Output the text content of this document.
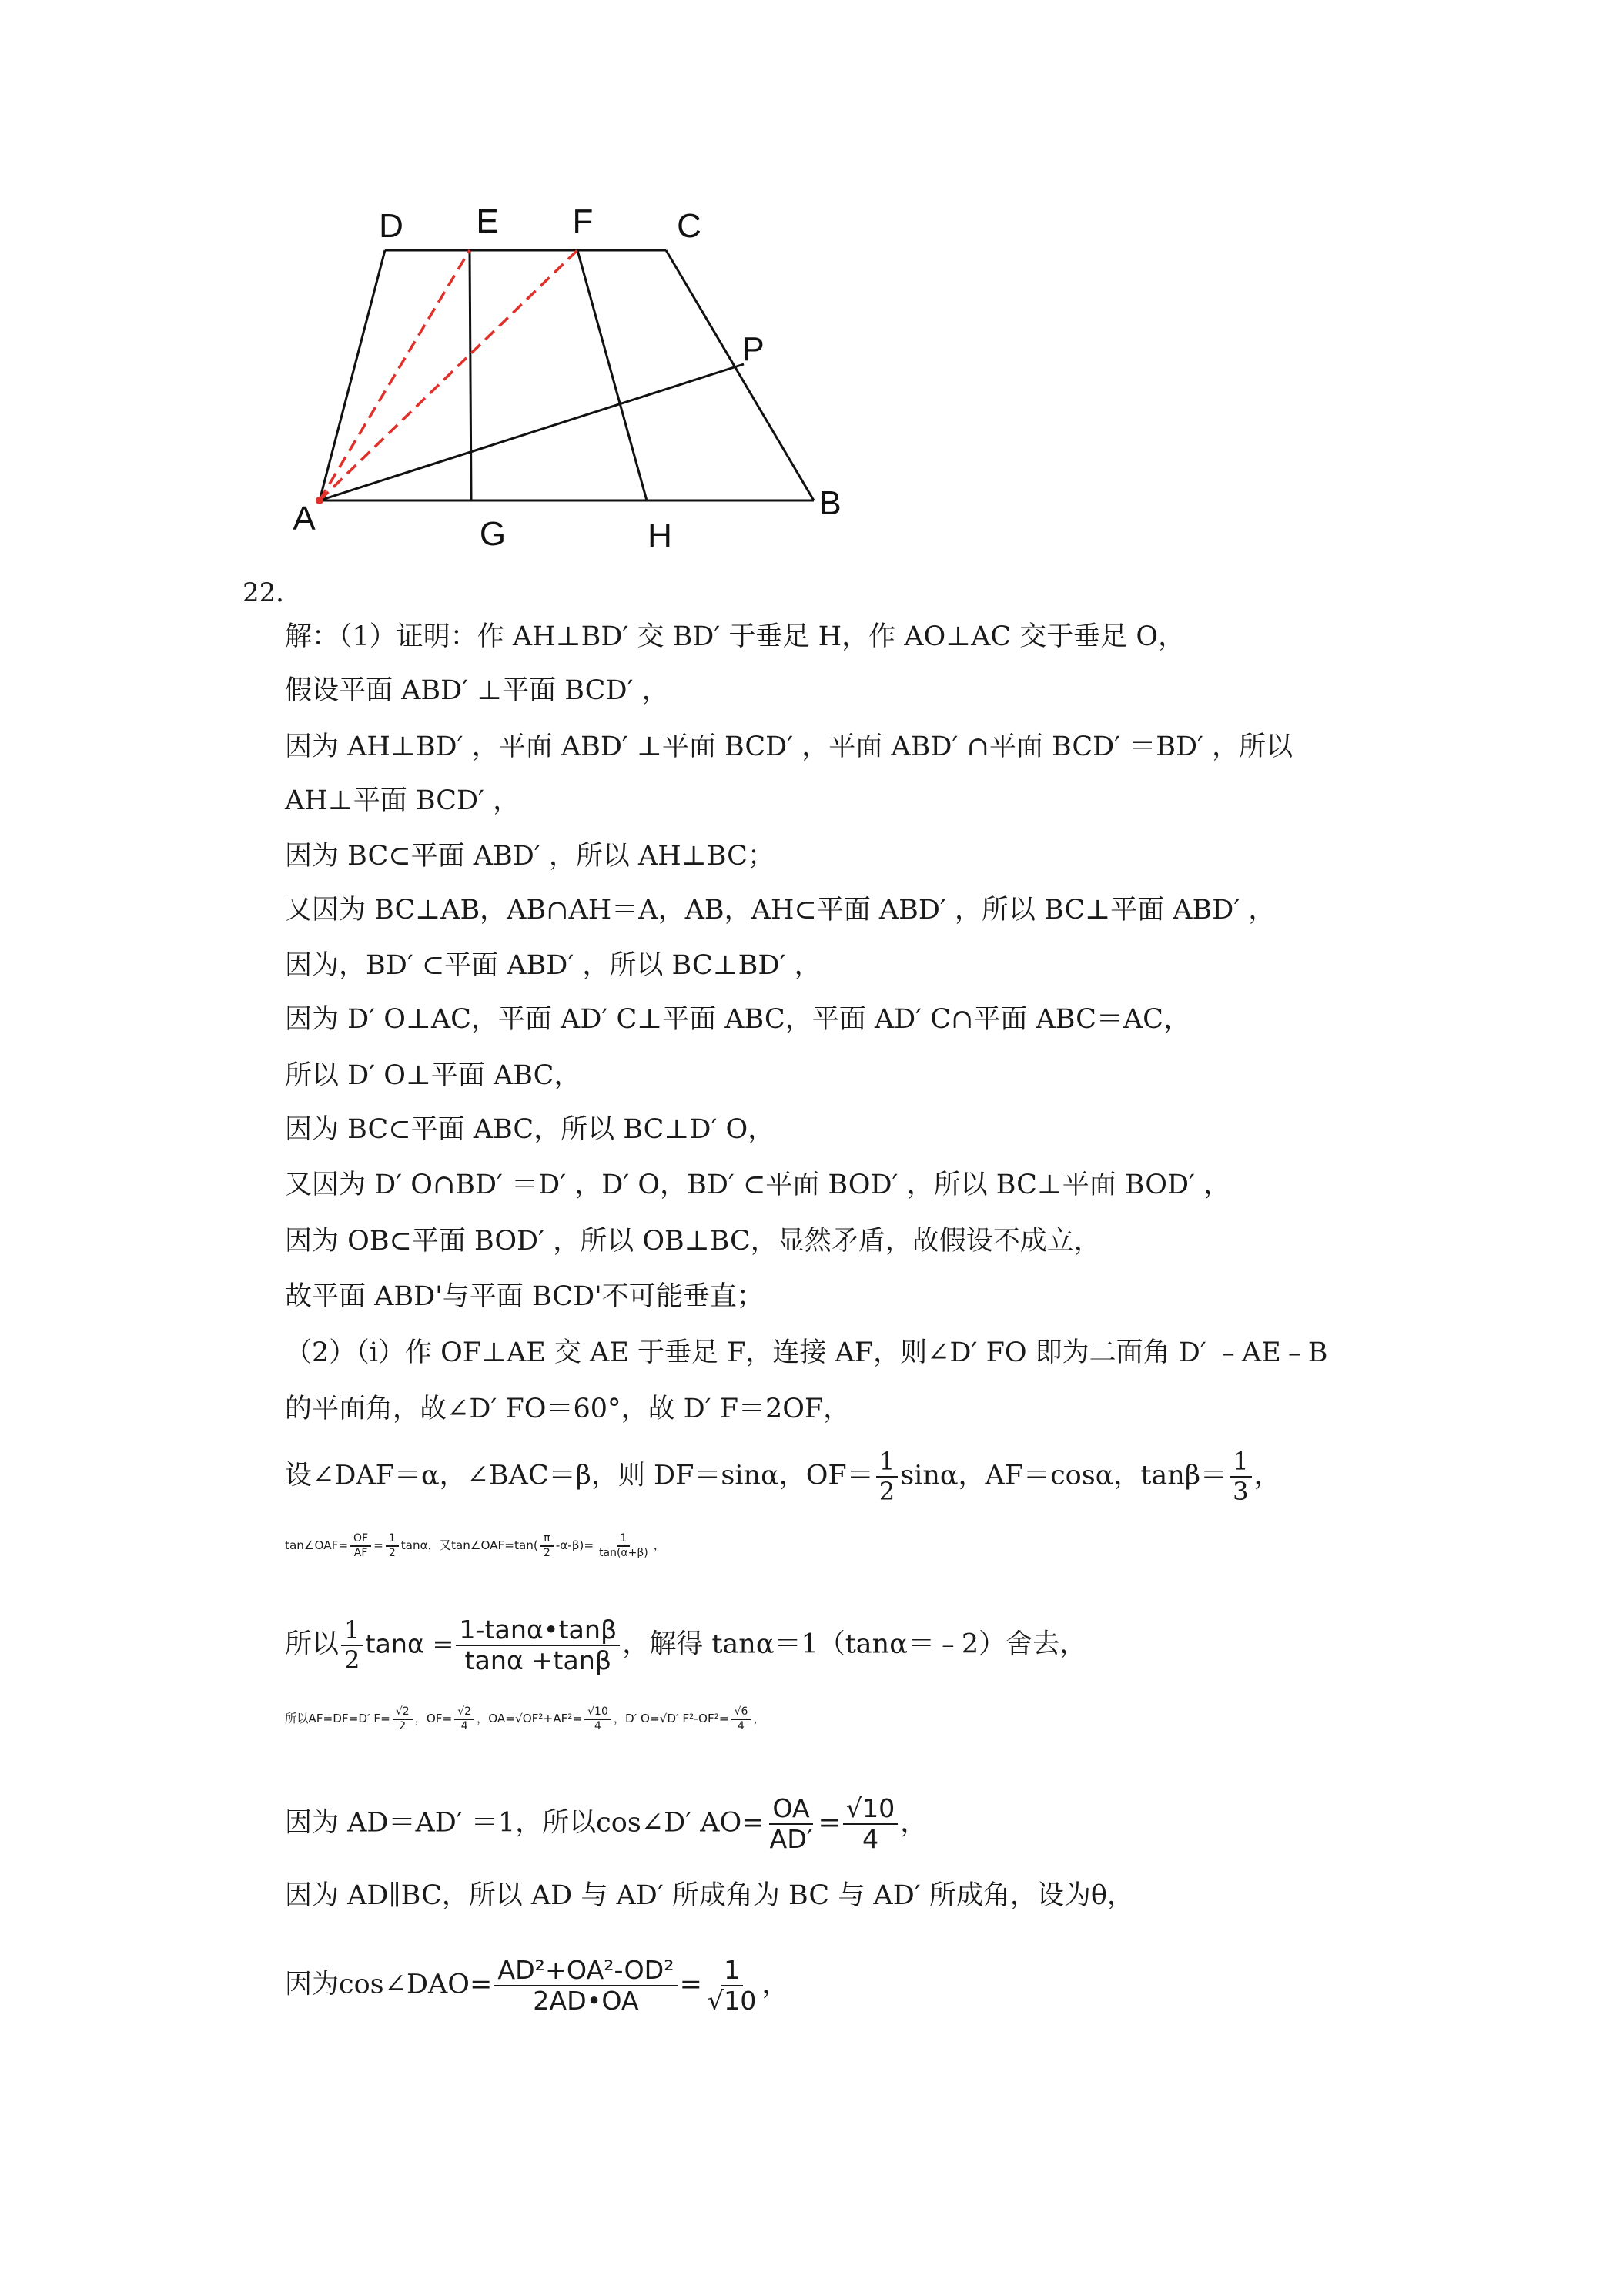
D E F C
P
A	G	H
B
22．
解：（1）证明：作 AH⊥BD′ 交 BD′ 于垂足 H，作 AO⊥AC 交于垂足 O，
假设平面 ABD′ ⊥平面 BCD′ ，
因为 AH⊥BD′ ，平面 ABD′ ⊥平面 BCD′ ，平面 ABD′ ∩平面 BCD′ ＝BD′ ，所以
AH⊥平面 BCD′ ，
因为 BC⊂平面 ABD′ ，所以 AH⊥BC；
又因为 BC⊥AB，AB∩AH＝A，AB，AH⊂平面 ABD′ ，所以 BC⊥平面 ABD′ ，
因为，BD′ ⊂平面 ABD′ ，所以 BC⊥BD′ ，
因为 D′ O⊥AC，平面 AD′ C⊥平面 ABC，平面 AD′ C∩平面 ABC＝AC，
所以 D′ O⊥平面 ABC，
因为 BC⊂平面 ABC，所以 BC⊥D′ O，
又因为 D′ O∩BD′ ＝D′ ，D′ O，BD′ ⊂平面 BOD′ ，所以 BC⊥平面 BOD′ ，
因为 OB⊂平面 BOD′ ，所以 OB⊥BC，显然矛盾，故假设不成立，
故平面 ABD'与平面 BCD'不可能垂直；
（2）（ⅰ）作 OF⊥AE 交 AE 于垂足 F，连接 AF，则∠D′ FO 即为二面角 D′ ﹣AE﹣B
的平面角，故∠D′ FO＝60°，故 D′ F＝2OF，
设∠DAF＝α，∠BAC＝β，则 DF＝sinα，$OF= \frac{1}{2}$ sinα，AF＝cosα，$\tan\beta= \frac{1}{3}$ ，
tan∠OAF= $\frac{OF}{AF} = \frac{1}{2}$ tanα，又tan∠OAF=tan( $\frac{\pi}{2} -\alpha-\beta)= \frac{1}{\tan(\alpha+\beta)}$ ，
所以 $\frac{1}{2}$ $\tan\alpha = \frac{1-\tan\alpha•\tan\beta}{\tan\alpha +\tan\beta}$ ，解得 tanα＝1（tanα＝﹣2）舍去，
所以AF=DF=D′ $F= \frac{√2}{2}$ ，$OF= \frac{√2}{4}$ ，$OA=√OF^2+AF^2= \frac{√10}{4}$ ，D′ O=√D′ $F^2-OF^2= \frac{√6}{4}$ ，
因为 AD＝AD′ ＝1，所以cos∠D′ $AO= \frac{OA}{AD'} = \frac{√10}{4}$ ，
因为 AD∥BC，所以 AD 与 AD′ 所成角为 BC 与 AD′ 所成角，设为θ，
因为cos∠DAO= $\frac{\text{AD²+OA²-OD²}}{2AD•OA} = \frac{1}{√10}$ ，
